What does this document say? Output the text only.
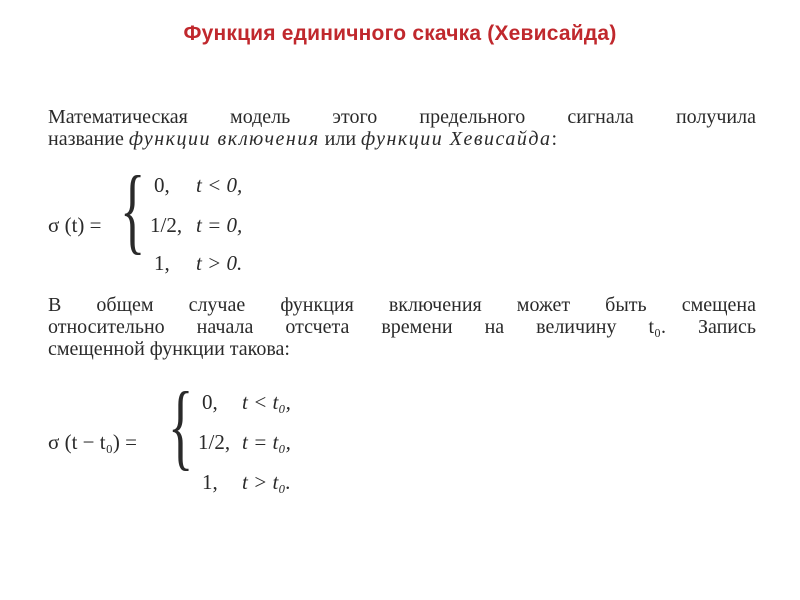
Функция единичного скачка (Хевисайда)
Математическая модель этого предельного сигнала получила
название функции включения или функции Хевисайда:
σ (t) = { 0, t < 0,
1/2, t = 0,
1, t > 0.
В общем случае функция включения может быть смещена
относительно начала отсчета времени на величину t₀. Запись
смещенной функции такова:
σ (t − t₀) = { 0, t < t₀,
1/2, t = t₀,
1, t > t₀.
